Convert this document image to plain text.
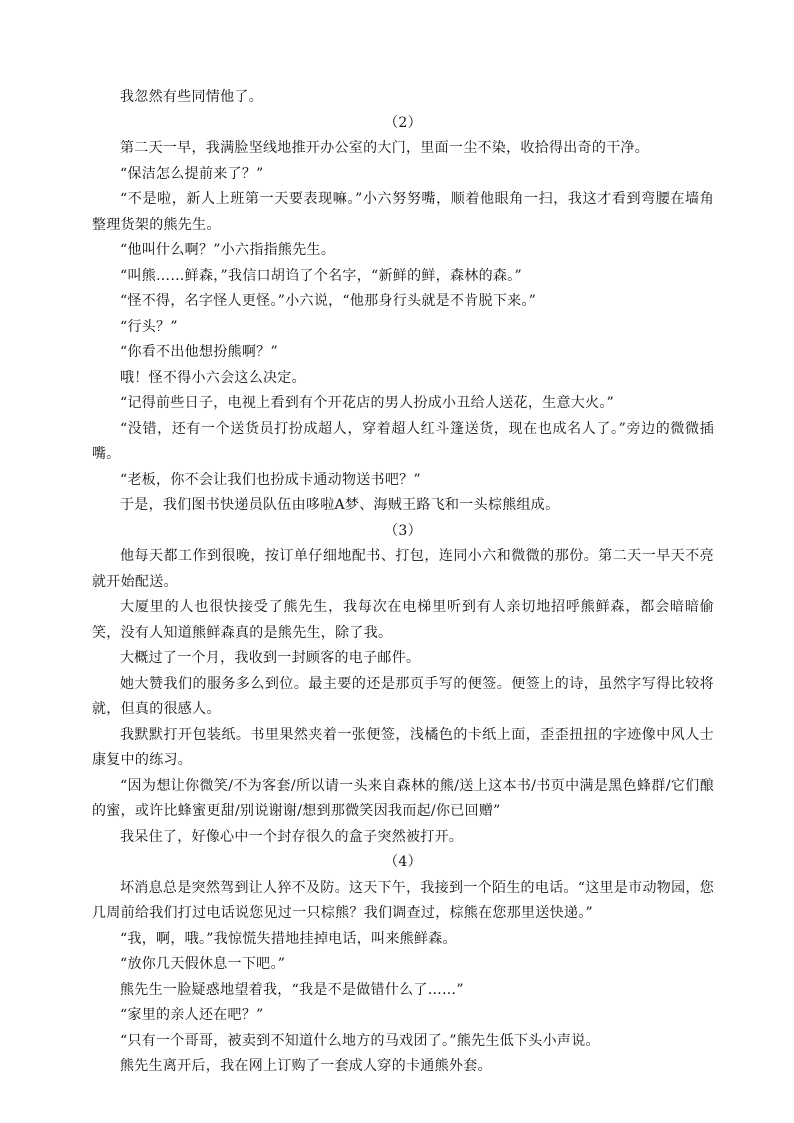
我忽然有些同情他了。

（2）

第二天一早，我满脸坚线地推开办公室的大门，里面一尘不染，收拾得出奇的干净。

“保洁怎么提前来了？”

“不是啦，新人上班第一天要表现嘛。”小六努努嘴，顺着他眼角一扫，我这才看到弯腰在墙角整理货架的熊先生。

“他叫什么啊？”小六指指熊先生。

“叫熊……鲜森，”我信口胡诌了个名字，“新鲜的鲜，森林的森。”

“怪不得，名字怪人更怪。”小六说，“他那身行头就是不肯脱下来。”

“行头？”

“你看不出他想扮熊啊？”

哦！怪不得小六会这么决定。

“记得前些日子，电视上看到有个开花店的男人扮成小丑给人送花，生意大火。”

“没错，还有一个送货员打扮成超人，穿着超人红斗篷送货，现在也成名人了。”旁边的微微插嘴。

“老板，你不会让我们也扮成卡通动物送书吧？”

于是，我们图书快递员队伍由哆啦A梦、海贼王路飞和一头棕熊组成。

（3）

他每天都工作到很晚，按订单仔细地配书、打包，连同小六和微微的那份。第二天一早天不亮就开始配送。

大厦里的人也很快接受了熊先生，我每次在电梯里听到有人亲切地招呼熊鲜森，都会暗暗偷笑，没有人知道熊鲜森真的是熊先生，除了我。

大概过了一个月，我收到一封顾客的电子邮件。

她大赞我们的服务多么到位。最主要的还是那页手写的便签。便签上的诗，虽然字写得比较将就，但真的很感人。

我默默打开包装纸。书里果然夹着一张便签，浅橘色的卡纸上面，歪歪扭扭的字迹像中风人士康复中的练习。

“因为想让你微笑/不为客套/所以请一头来自森林的熊/送上这本书/书页中满是黑色蜂群/它们酿的蜜，或许比蜂蜜更甜/别说谢谢/想到那微笑因我而起/你已回赠”

我呆住了，好像心中一个封存很久的盒子突然被打开。

（4）

坏消息总是突然驾到让人猝不及防。这天下午，我接到一个陌生的电话。“这里是市动物园，您几周前给我们打过电话说您见过一只棕熊？我们调查过，棕熊在您那里送快递。”

“我，啊，哦。”我惊慌失措地挂掉电话，叫来熊鲜森。

“放你几天假休息一下吧。”

熊先生一脸疑惑地望着我，“我是不是做错什么了……”

“家里的亲人还在吧？”

“只有一个哥哥，被卖到不知道什么地方的马戏团了。”熊先生低下头小声说。

熊先生离开后，我在网上订购了一套成人穿的卡通熊外套。
